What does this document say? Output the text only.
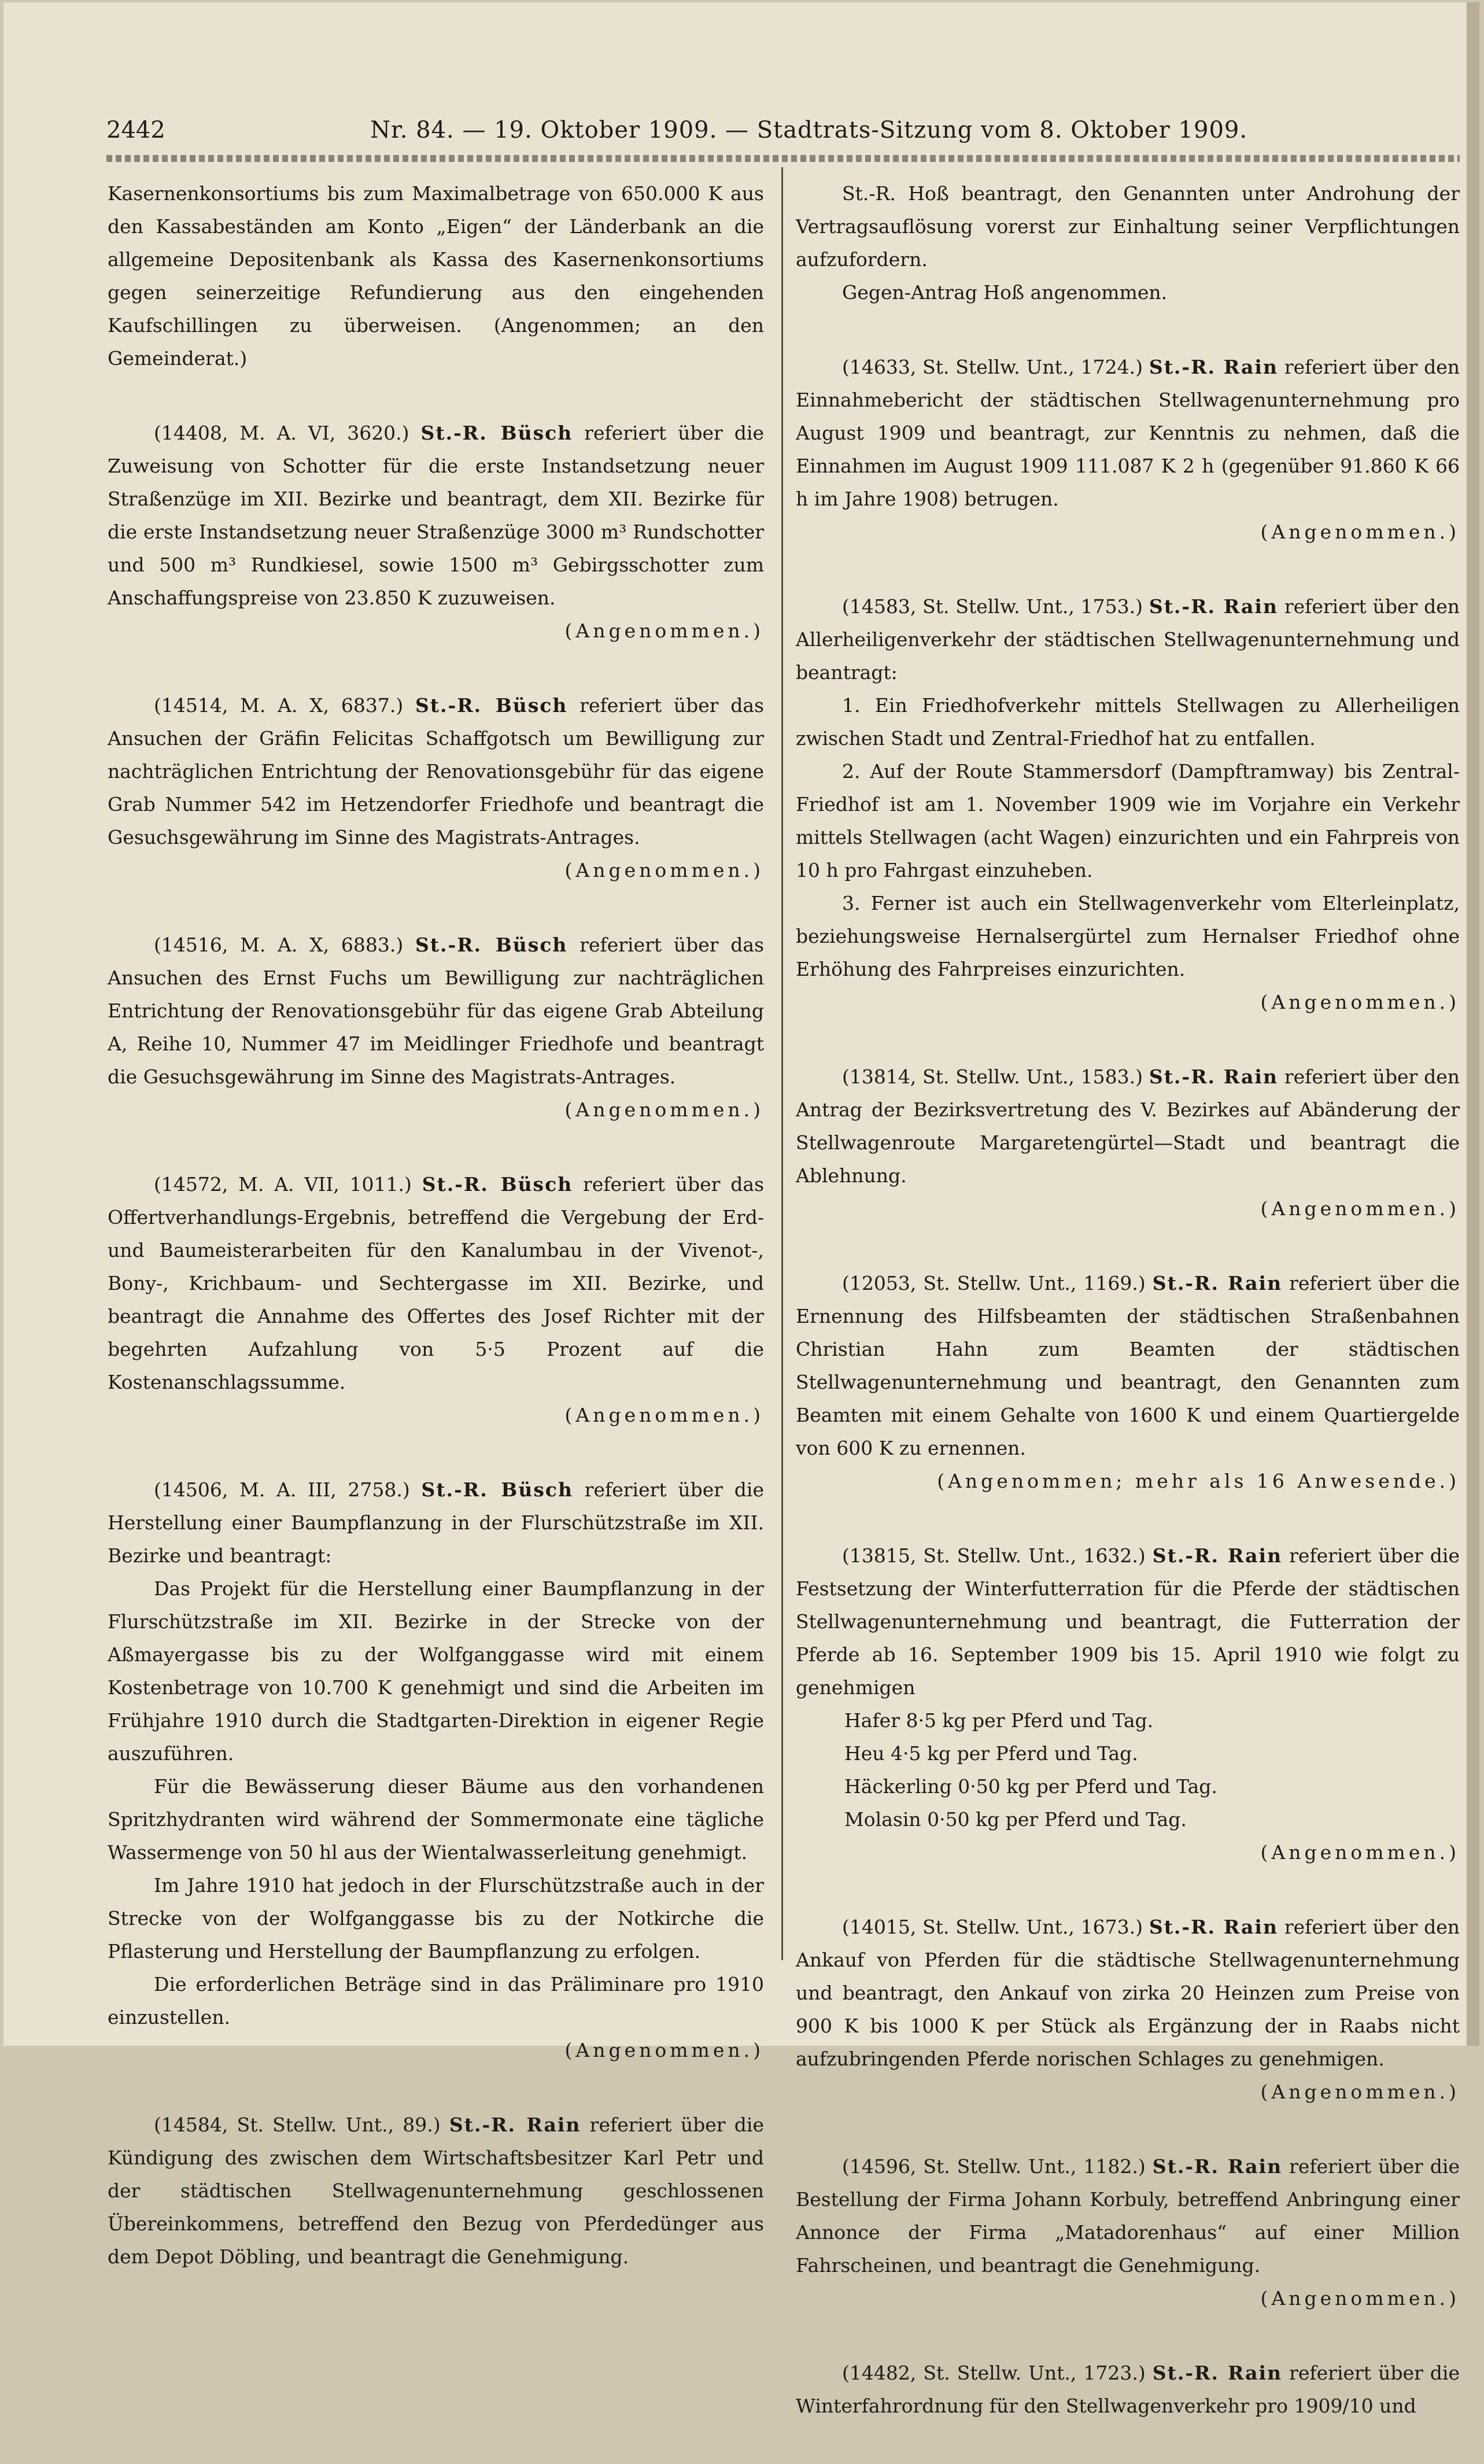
2442	Nr. 84. — 19. Oktober 1909. — Stadtrats-Sitzung vom 8. Oktober 1909.

Kasernenkonsortiums bis zum Maximalbetrage von 650.000 K aus den Kassabeständen am Konto „Eigen“ der Länderbank an die allgemeine Depositenbank als Kassa des Kasernenkonsortiums gegen seinerzeitige Refundierung aus den eingehenden Kaufschillingen zu überweisen. (Angenommen; an den Gemeinderat.)

(14408, M. A. VI, 3620.) St.-R. Büsch referiert über die Zuweisung von Schotter für die erste Instandsetzung neuer Straßenzüge im XII. Bezirke und beantragt, dem XII. Bezirke für die erste Instandsetzung neuer Straßenzüge 3000 m³ Rundschotter und 500 m³ Rundkiesel, sowie 1500 m³ Gebirgsschotter zum Anschaffungspreise von 23.850 K zuzuweisen.

(Angenommen.)

(14514, M. A. X, 6837.) St.-R. Büsch referiert über das Ansuchen der Gräfin Felicitas Schaffgotsch um Bewilligung zur nachträglichen Entrichtung der Renovationsgebühr für das eigene Grab Nummer 542 im Hetzendorfer Friedhofe und beantragt die Gesuchsgewährung im Sinne des Magistrats-Antrages.

(Angenommen.)

(14516, M. A. X, 6883.) St.-R. Büsch referiert über das Ansuchen des Ernst Fuchs um Bewilligung zur nachträglichen Entrichtung der Renovationsgebühr für das eigene Grab Abteilung A, Reihe 10, Nummer 47 im Meidlinger Friedhofe und beantragt die Gesuchsgewährung im Sinne des Magistrats-Antrages.

(Angenommen.)

(14572, M. A. VII, 1011.) St.-R. Büsch referiert über das Offertverhandlungs-Ergebnis, betreffend die Vergebung der Erd- und Baumeisterarbeiten für den Kanalumbau in der Vivenot-, Bony-, Krichbaum- und Sechtergasse im XII. Bezirke, und beantragt die Annahme des Offertes des Josef Richter mit der begehrten Aufzahlung von 5·5 Prozent auf die Kostenanschlagssumme.

(Angenommen.)

(14506, M. A. III, 2758.) St.-R. Büsch referiert über die Herstellung einer Baumpflanzung in der Flurschützstraße im XII. Bezirke und beantragt:

Das Projekt für die Herstellung einer Baumpflanzung in der Flurschützstraße im XII. Bezirke in der Strecke von der Aßmayergasse bis zu der Wolfganggasse wird mit einem Kostenbetrage von 10.700 K genehmigt und sind die Arbeiten im Frühjahre 1910 durch die Stadtgarten-Direktion in eigener Regie auszuführen.

Für die Bewässerung dieser Bäume aus den vorhandenen Spritzhydranten wird während der Sommermonate eine tägliche Wassermenge von 50 hl aus der Wientalwasserleitung genehmigt.

Im Jahre 1910 hat jedoch in der Flurschützstraße auch in der Strecke von der Wolfganggasse bis zu der Notkirche die Pflasterung und Herstellung der Baumpflanzung zu erfolgen.

Die erforderlichen Beträge sind in das Präliminare pro 1910 einzustellen.

(Angenommen.)

(14584, St. Stellw. Unt., 89.) St.-R. Rain referiert über die Kündigung des zwischen dem Wirtschaftsbesitzer Karl Petr und der städtischen Stellwagenunternehmung geschlossenen Übereinkommens, betreffend den Bezug von Pferdedünger aus dem Depot Döbling, und beantragt die Genehmigung.

St.-R. Hoß beantragt, den Genannten unter Androhung der Vertragsauflösung vorerst zur Einhaltung seiner Verpflichtungen aufzufordern.

Gegen-Antrag Hoß angenommen.

(14633, St. Stellw. Unt., 1724.) St.-R. Rain referiert über den Einnahmebericht der städtischen Stellwagenunternehmung pro August 1909 und beantragt, zur Kenntnis zu nehmen, daß die Einnahmen im August 1909 111.087 K 2 h (gegenüber 91.860 K 66 h im Jahre 1908) betrugen.

(Angenommen.)

(14583, St. Stellw. Unt., 1753.) St.-R. Rain referiert über den Allerheiligenverkehr der städtischen Stellwagenunternehmung und beantragt:

1. Ein Friedhofverkehr mittels Stellwagen zu Allerheiligen zwischen Stadt und Zentral-Friedhof hat zu entfallen.

2. Auf der Route Stammersdorf (Dampftramway) bis Zentral-Friedhof ist am 1. November 1909 wie im Vorjahre ein Verkehr mittels Stellwagen (acht Wagen) einzurichten und ein Fahrpreis von 10 h pro Fahrgast einzuheben.

3. Ferner ist auch ein Stellwagenverkehr vom Elterleinplatz, beziehungsweise Hernalsergürtel zum Hernalser Friedhof ohne Erhöhung des Fahrpreises einzurichten.

(Angenommen.)

(13814, St. Stellw. Unt., 1583.) St.-R. Rain referiert über den Antrag der Bezirksvertretung des V. Bezirkes auf Abänderung der Stellwagenroute Margaretengürtel—Stadt und beantragt die Ablehnung.

(Angenommen.)

(12053, St. Stellw. Unt., 1169.) St.-R. Rain referiert über die Ernennung des Hilfsbeamten der städtischen Straßenbahnen Christian Hahn zum Beamten der städtischen Stellwagenunternehmung und beantragt, den Genannten zum Beamten mit einem Gehalte von 1600 K und einem Quartiergelde von 600 K zu ernennen.

(Angenommen; mehr als 16 Anwesende.)

(13815, St. Stellw. Unt., 1632.) St.-R. Rain referiert über die Festsetzung der Winterfutterration für die Pferde der städtischen Stellwagenunternehmung und beantragt, die Futterration der Pferde ab 16. September 1909 bis 15. April 1910 wie folgt zu genehmigen

Hafer 8·5 kg per Pferd und Tag.

Heu 4·5 kg per Pferd und Tag.

Häckerling 0·50 kg per Pferd und Tag.

Molasin 0·50 kg per Pferd und Tag.

(Angenommen.)

(14015, St. Stellw. Unt., 1673.) St.-R. Rain referiert über den Ankauf von Pferden für die städtische Stellwagenunternehmung und beantragt, den Ankauf von zirka 20 Heinzen zum Preise von 900 K bis 1000 K per Stück als Ergänzung der in Raabs nicht aufzubringenden Pferde norischen Schlages zu genehmigen.

(Angenommen.)

(14596, St. Stellw. Unt., 1182.) St.-R. Rain referiert über die Bestellung der Firma Johann Korbuly, betreffend Anbringung einer Annonce der Firma „Matadorenhaus“ auf einer Million Fahrscheinen, und beantragt die Genehmigung.

(Angenommen.)

(14482, St. Stellw. Unt., 1723.) St.-R. Rain referiert über die Winterfahrordnung für den Stellwagenverkehr pro 1909/10 und
